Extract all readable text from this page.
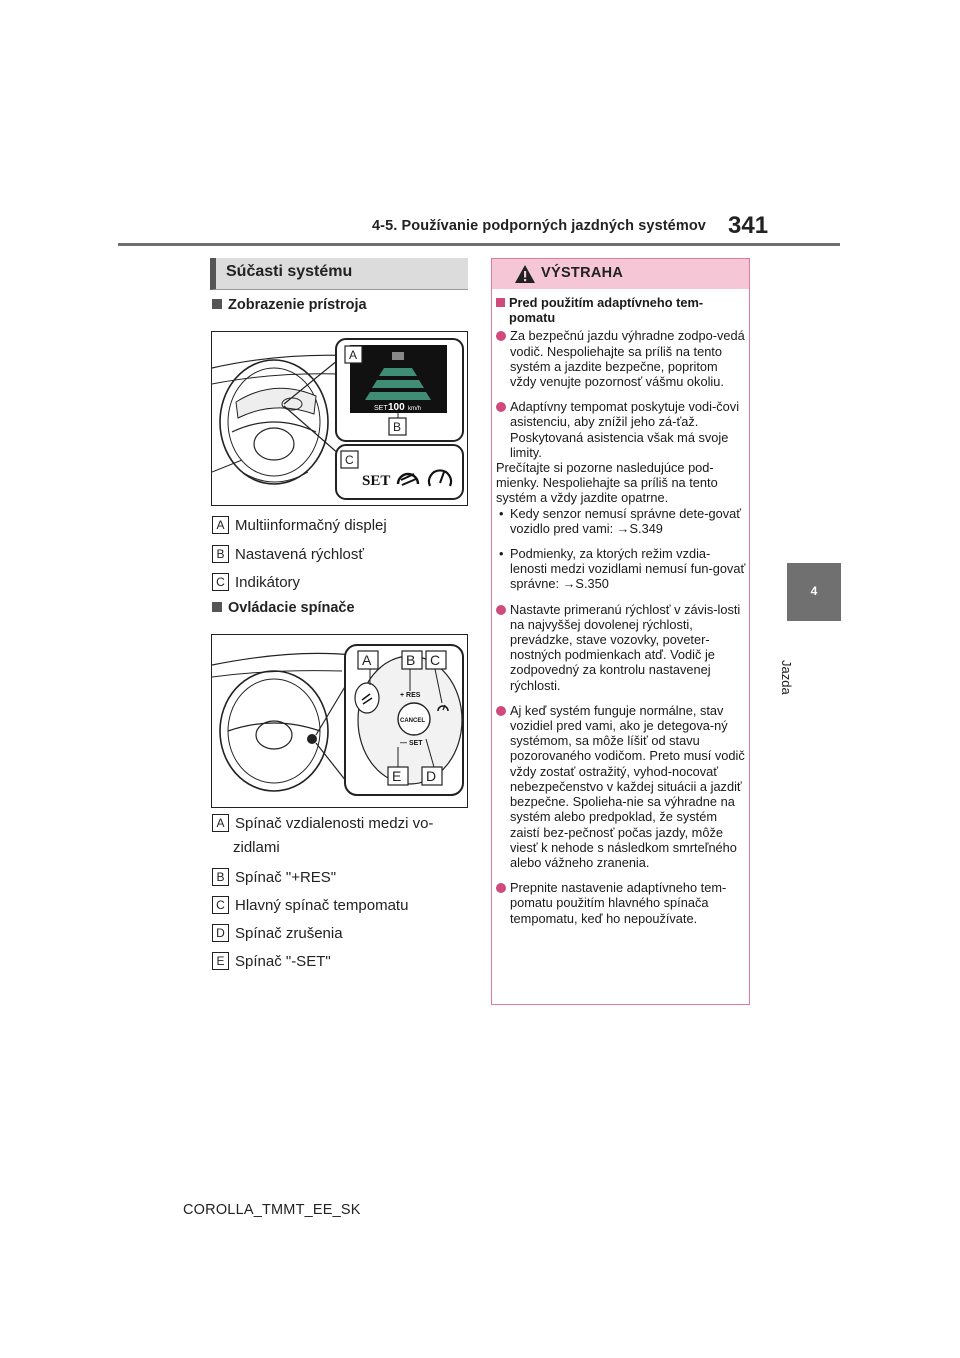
4-5. Používanie podporných jazdných systémov 341
4
Jazda
Súčasti systému
Zobrazenie prístroja
SET 100 km/h
B
A
C
SET
A Multiinformačný displej
B Nastavená rýchlosť
C Indikátory
Ovládacie spínače
CANCEL
+ RES
— SET
A B C
E D
A Spínač vzdialenosti medzi vo-
zidlami
B Spínač "+RES"
C Hlavný spínač tempomatu
D Spínač zrušenia
E Spínač "-SET"
VÝSTRAHA

Pred použitím adaptívneho tem-pomatu

Za bezpečnú jazdu výhradne zodpo-vedá vodič. Nespoliehajte sa príliš na tento systém a jazdite bezpečne, popritom vždy venujte pozornosť vášmu okoliu.

Adaptívny tempomat poskytuje vodi-čovi asistenciu, aby znížil jeho zá-ťaž. Poskytovaná asistencia však má svoje limity.

Prečítajte si pozorne nasledujúce pod-mienky. Nespoliehajte sa príliš na tento systém a vždy jazdite opatrne.

• Kedy senzor nemusí správne dete-govať vozidlo pred vami: →S.349

• Podmienky, za ktorých režim vzdia-lenosti medzi vozidlami nemusí fun-govať správne: →S.350

Nastavte primeranú rýchlosť v závis-losti na najvyššej dovolenej rýchlosti, prevádzke, stave vozovky, poveter-nostných podmienkach atď. Vodič je zodpovedný za kontrolu nastavenej rýchlosti.

Aj keď systém funguje normálne, stav vozidiel pred vami, ako je detegova-ný systémom, sa môže líšiť od stavu pozorovaného vodičom. Preto musí vodič vždy zostať ostražitý, vyhod-nocovať nebezpečenstvo v každej situácii a jazdiť bezpečne. Spolieha-nie sa výhradne na systém alebo predpoklad, že systém zaistí bez-pečnosť počas jazdy, môže viesť k nehode s následkom smrteľného alebo vážneho zranenia.

Prepnite nastavenie adaptívneho tem-pomatu použitím hlavného spínača tempomatu, keď ho nepoužívate.

COROLLA_TMMT_EE_SK
